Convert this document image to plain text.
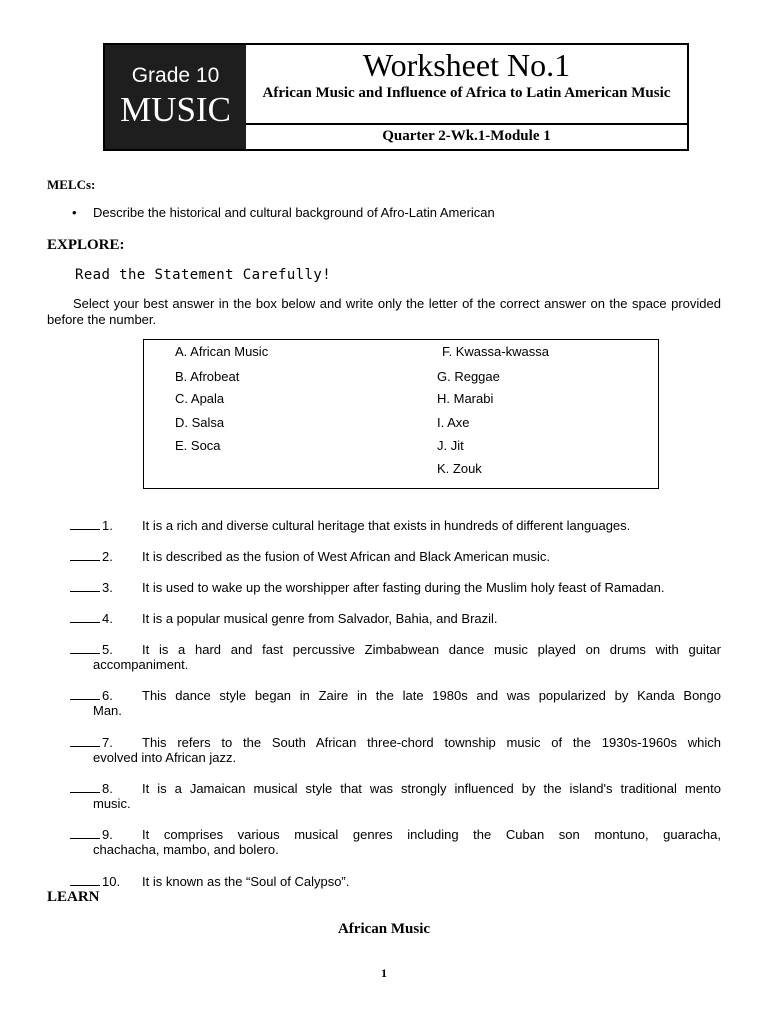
Grade 10
MUSIC
Worksheet No.1
African Music and Influence of Africa to Latin American Music
Quarter 2-Wk.1-Module 1
MELCs:
• Describe the historical and cultural background of Afro-Latin American
EXPLORE:
Read the Statement Carefully!
Select your best answer in the box below and write only the letter of the correct answer on the space provided before the number.
A. African Music
B. Afrobeat
C. Apala
D. Salsa
E. Soca
F. Kwassa-kwassa
G. Reggae
H. Marabi
I. Axe
J. Jit
K. Zouk
1. It is a rich and diverse cultural heritage that exists in hundreds of different languages.
2. It is described as the fusion of West African and Black American music.
3. It is used to wake up the worshipper after fasting during the Muslim holy feast of Ramadan.
4. It is a popular musical genre from Salvador, Bahia, and Brazil.
5.	It is a hard and fast percussive Zimbabwean dance music played on drums with guitar
accompaniment.
6.	This dance style began in Zaire in the late 1980s and was popularized by Kanda Bongo
Man.
7.	This refers to the South African three-chord township music of the 1930s-1960s which
evolved into African jazz.
8.	It is a Jamaican musical style that was strongly influenced by the island's traditional mento
music.
9.	It comprises various musical genres including the Cuban son montuno, guaracha,
chachacha, mambo, and bolero.
10. It is known as the “Soul of Calypso”.
LEARN
African Music
1
